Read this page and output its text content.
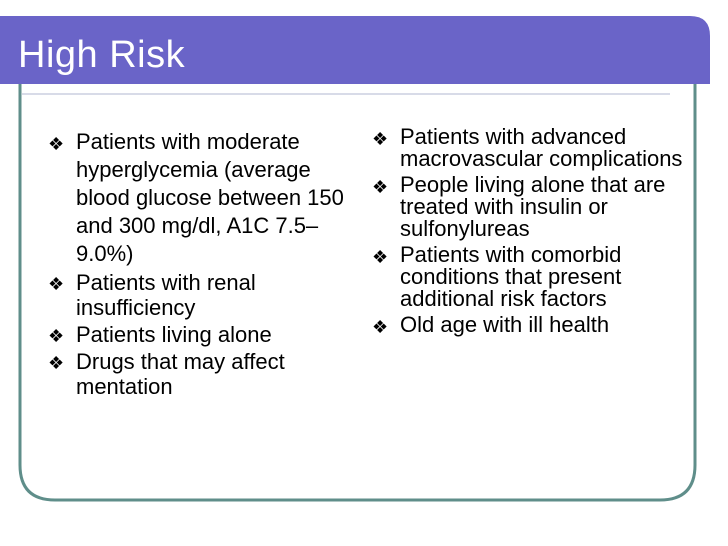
High Risk
❖ Patients with moderate hyperglycemia (average blood glucose between 150 and 300 mg/dl, A1C 7.5–9.0%)
❖ Patients with renal insufficiency
❖ Patients living alone
❖ Drugs that may affect mentation
❖ Patients with advanced macrovascular complications
❖ People living alone that are treated with insulin or sulfonylureas
❖ Patients with comorbid conditions that present additional risk factors
❖ Old age with ill health
